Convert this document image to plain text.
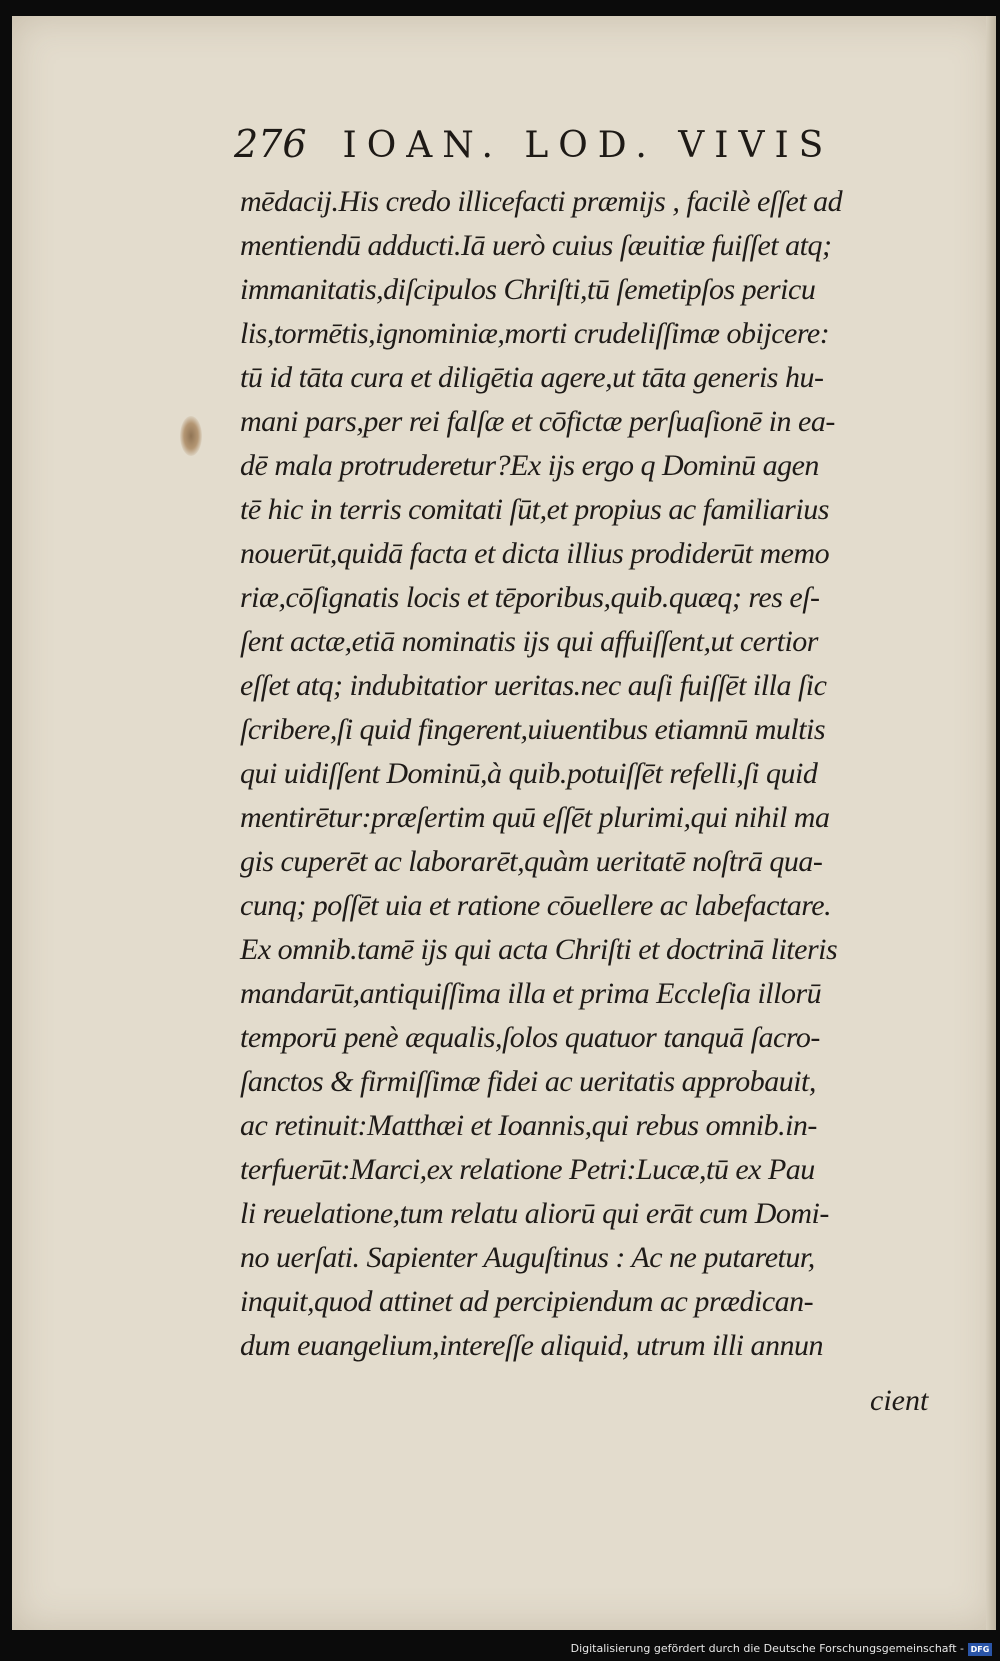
276 IOAN. LOD. VIVIS
mēdacij.His credo illicefacti præmijs , facilè eſſet ad
mentiendū adducti.Iā uerò cuius ſæuitiæ fuiſſet atq;
immanitatis,diſcipulos Chriſti,tū ſemetipſos pericu
lis,tormētis,ignominiæ,morti crudeliſſimæ obijcere:
tū id tāta cura et diligētia agere,ut tāta generis hu-
mani pars,per rei falſæ et cōfictæ perſuaſionē in ea-
dē mala protruderetur?Ex ijs ergo q Dominū agen
tē hic in terris comitati ſūt,et propius ac familiarius
nouerūt,quidā facta et dicta illius prodiderūt memo
riæ,cōſignatis locis et tēporibus,quib.quæq; res eſ-
ſent actæ,etiā nominatis ijs qui affuiſſent,ut certior
eſſet atq; indubitatior ueritas.nec auſi fuiſſēt illa ſic
ſcribere,ſi quid fingerent,uiuentibus etiamnū multis
qui uidiſſent Dominū,à quib.potuiſſēt refelli,ſi quid
mentirētur:præſertim quū eſſēt plurimi,qui nihil ma
gis cuperēt ac laborarēt,quàm ueritatē noſtrā qua-
cunq; poſſēt uia et ratione cōuellere ac labefactare.
Ex omnib.tamē ijs qui acta Chriſti et doctrinā literis
mandarūt,antiquiſſima illa et prima Eccleſia illorū
temporū penè æqualis,ſolos quatuor tanquā ſacro-
ſanctos & firmiſſimæ fidei ac ueritatis approbauit,
ac retinuit:Matthæi et Ioannis,qui rebus omnib.in-
terfuerūt:Marci,ex relatione Petri:Lucæ,tū ex Pau
li reuelatione,tum relatu aliorū qui erāt cum Domi-
no uerſati. Sapienter Auguſtinus : Ac ne putaretur,
inquit,quod attinet ad percipiendum ac prædican-
dum euangelium,intereſſe aliquid, utrum illi annun
cient
Digitalisierung gefördert durch die Deutsche Forschungsgemeinschaft - DFG
